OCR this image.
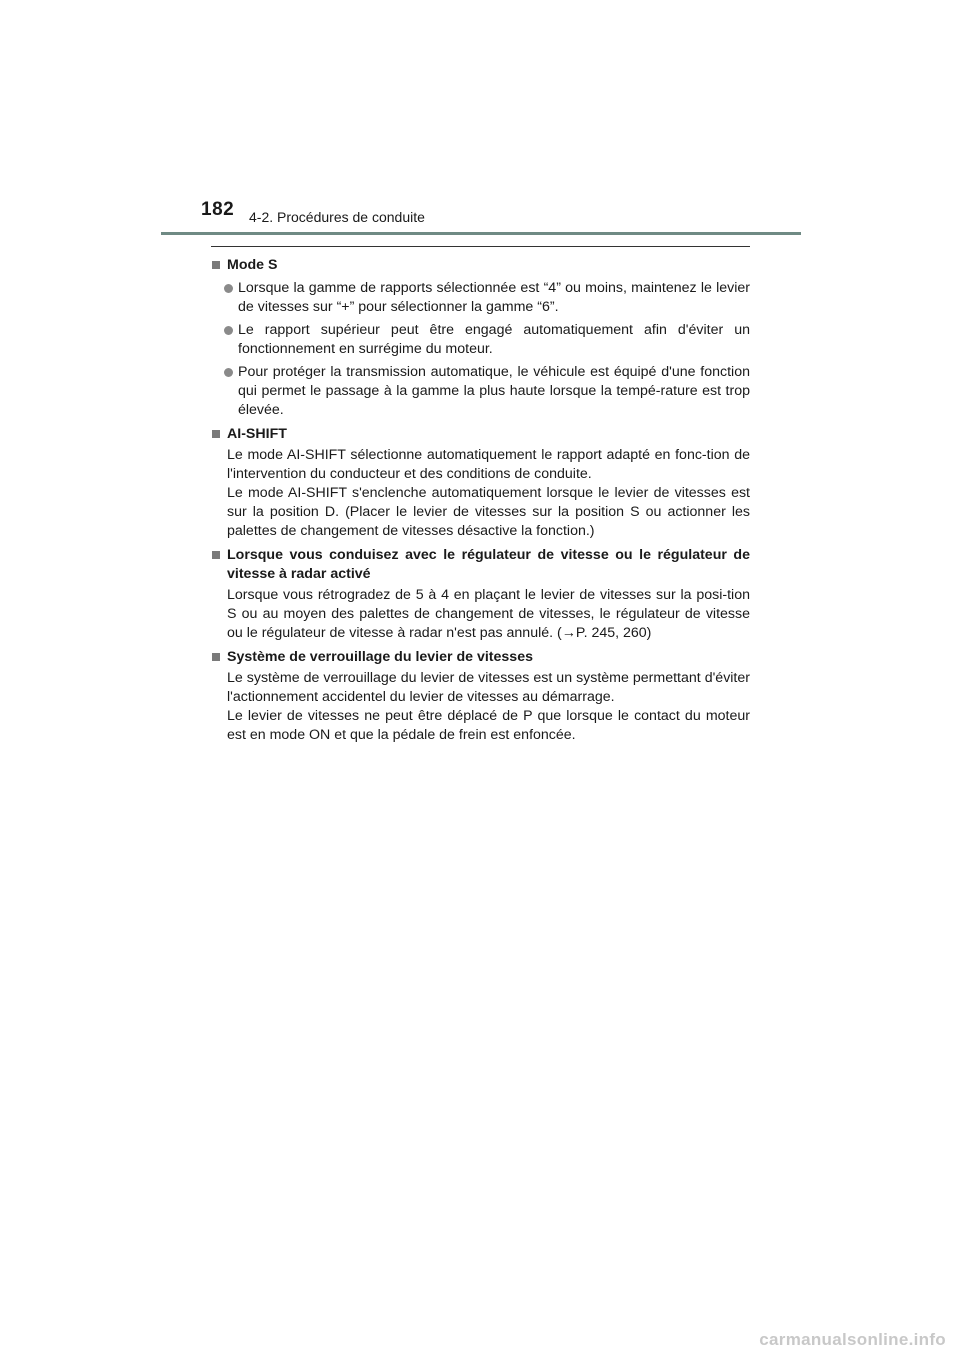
182 4-2. Procédures de conduite
Mode S
Lorsque la gamme de rapports sélectionnée est “4” ou moins, maintenez le levier de vitesses sur “+” pour sélectionner la gamme “6”.
Le rapport supérieur peut être engagé automatiquement afin d'éviter un fonctionnement en surrégime du moteur.
Pour protéger la transmission automatique, le véhicule est équipé d'une fonction qui permet le passage à la gamme la plus haute lorsque la tempé-rature est trop élevée.
AI-SHIFT
Le mode AI-SHIFT sélectionne automatiquement le rapport adapté en fonc-tion de l'intervention du conducteur et des conditions de conduite.
Le mode AI-SHIFT s'enclenche automatiquement lorsque le levier de vitesses est sur la position D. (Placer le levier de vitesses sur la position S ou actionner les palettes de changement de vitesses désactive la fonction.)
Lorsque vous conduisez avec le régulateur de vitesse ou le régulateur de vitesse à radar activé
Lorsque vous rétrogradez de 5 à 4 en plaçant le levier de vitesses sur la posi-tion S ou au moyen des palettes de changement de vitesses, le régulateur de vitesse ou le régulateur de vitesse à radar n'est pas annulé. (→P. 245, 260)
Système de verrouillage du levier de vitesses
Le système de verrouillage du levier de vitesses est un système permettant d'éviter l'actionnement accidentel du levier de vitesses au démarrage.
Le levier de vitesses ne peut être déplacé de P que lorsque le contact du moteur est en mode ON et que la pédale de frein est enfoncée.
carmanualsonline.info
